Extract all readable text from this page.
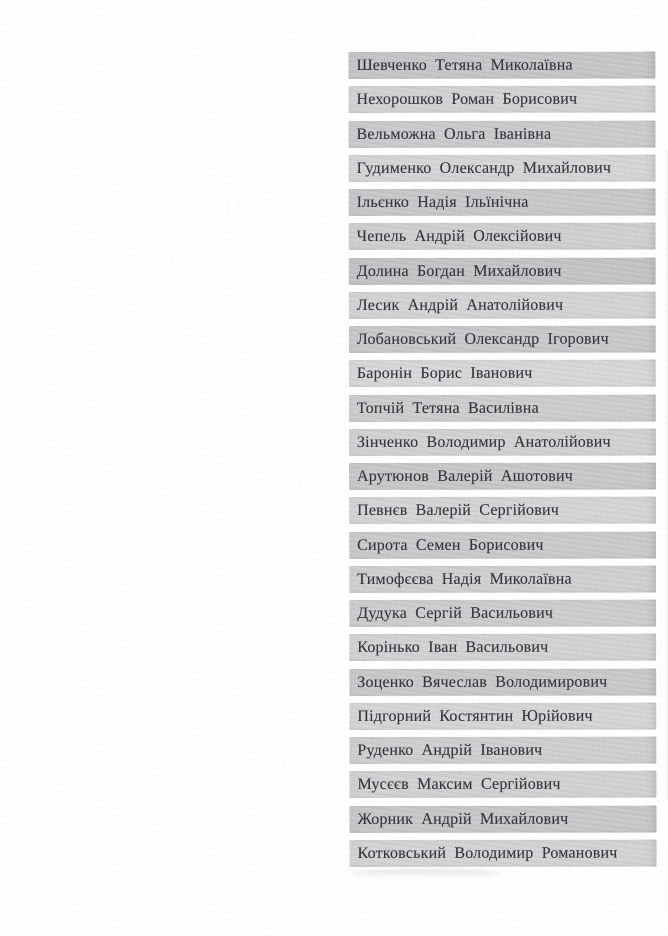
Шевченко Тетяна Миколаївна
Нехорошков Роман Борисович
Вельможна Ольга Іванівна
Гудименко Олександр Михайлович
Ільєнко Надія Ільїнічна
Чепель Андрій Олексійович
Долина Богдан Михайлович
Лесик Андрій Анатолійович
Лобановський Олександр Ігорович
Баронін Борис Іванович
Топчій Тетяна Василівна
Зінченко Володимир Анатолійович
Арутюнов Валерій Ашотович
Певнєв Валерій Сергійович
Сирота Семен Борисович
Тимофєєва Надія Миколаївна
Дудука Сергій Васильович
Корінько Іван Васильович
Зоценко Вячеслав Володимирович
Підгорний Костянтин Юрійович
Руденко Андрій Іванович
Мусєєв Максим Сергійович
Жорник Андрій Михайлович
Котковський Володимир Романович
